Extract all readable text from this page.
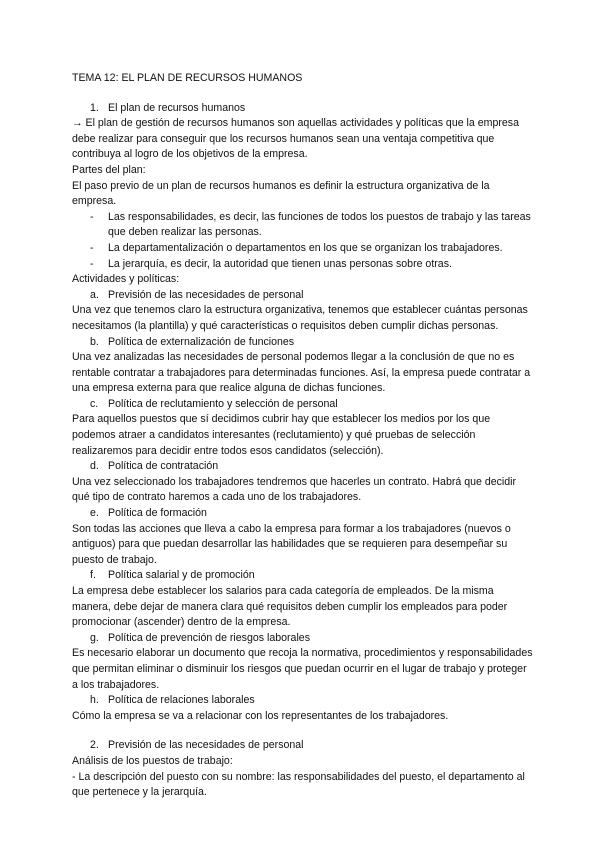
TEMA 12: EL PLAN DE RECURSOS HUMANOS

1. El plan de recursos humanos

→ El plan de gestión de recursos humanos son aquellas actividades y políticas que la empresa debe realizar para conseguir que los recursos humanos sean una ventaja competitiva que contribuya al logro de los objetivos de la empresa.

Partes del plan:

El paso previo de un plan de recursos humanos es definir la estructura organizativa de la empresa.

- Las responsabilidades, es decir, las funciones de todos los puestos de trabajo y las tareas que deben realizar las personas.

- La departamentalización o departamentos en los que se organizan los trabajadores.

- La jerarquía, es decir, la autoridad que tienen unas personas sobre otras.

Actividades y políticas:

a. Previsión de las necesidades de personal

Una vez que tenemos claro la estructura organizativa, tenemos que establecer cuántas personas necesitamos (la plantilla) y qué características o requisitos deben cumplir dichas personas.

b. Política de externalización de funciones

Una vez analizadas las necesidades de personal podemos llegar a la conclusión de que no es rentable contratar a trabajadores para determinadas funciones. Así, la empresa puede contratar a una empresa externa para que realice alguna de dichas funciones.

c. Política de reclutamiento y selección de personal

Para aquellos puestos que sí decidimos cubrir hay que establecer los medios por los que podemos atraer a candidatos interesantes (reclutamiento) y qué pruebas de selección realizaremos para decidir entre todos esos candidatos (selección).

d. Política de contratación

Una vez seleccionado los trabajadores tendremos que hacerles un contrato. Habrá que decidir qué tipo de contrato haremos a cada uno de los trabajadores.

e. Política de formación

Son todas las acciones que lleva a cabo la empresa para formar a los trabajadores (nuevos o antiguos) para que puedan desarrollar las habilidades que se requieren para desempeñar su puesto de trabajo.

f. Política salarial y de promoción

La empresa debe establecer los salarios para cada categoría de empleados. De la misma manera, debe dejar de manera clara qué requisitos deben cumplir los empleados para poder promocionar (ascender) dentro de la empresa.

g. Política de prevención de riesgos laborales

Es necesario elaborar un documento que recoja la normativa, procedimientos y responsabilidades que permitan eliminar o disminuir los riesgos que puedan ocurrir en el lugar de trabajo y proteger a los trabajadores.

h. Política de relaciones laborales

Cómo la empresa se va a relacionar con los representantes de los trabajadores.

2. Previsión de las necesidades de personal

Análisis de los puestos de trabajo:

- La descripción del puesto con su nombre: las responsabilidades del puesto, el departamento al que pertenece y la jerarquía.
